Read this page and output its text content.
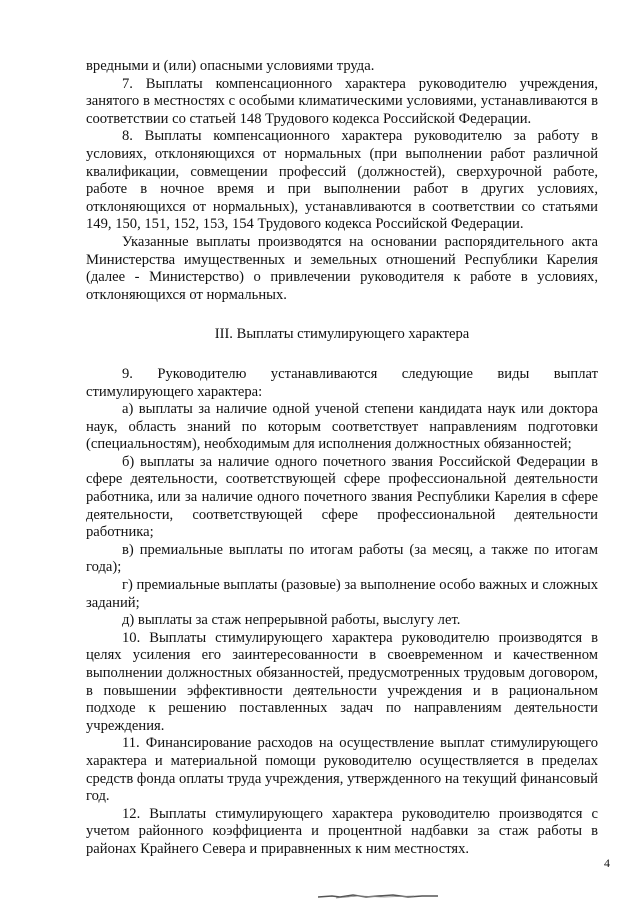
вредными и (или) опасными условиями труда.

7. Выплаты компенсационного характера руководителю учреждения, занятого в местностях с особыми климатическими условиями, устанавливаются в соответствии со статьей 148 Трудового кодекса Российской Федерации.

8. Выплаты компенсационного характера руководителю за работу в условиях, отклоняющихся от нормальных (при выполнении работ различной квалификации, совмещении профессий (должностей), сверхурочной работе, работе в ночное время и при выполнении работ в других условиях, отклоняющихся от нормальных), устанавливаются в соответствии со статьями 149, 150, 151, 152, 153, 154 Трудового кодекса Российской Федерации.

Указанные выплаты производятся на основании распорядительного акта Министерства имущественных и земельных отношений Республики Карелия (далее - Министерство) о привлечении руководителя к работе в условиях, отклоняющихся от нормальных.

III. Выплаты стимулирующего характера

9. Руководителю устанавливаются следующие виды выплат стимулирующего характера:

а) выплаты за наличие одной ученой степени кандидата наук или доктора наук, область знаний по которым соответствует направлениям подготовки (специальностям), необходимым для исполнения должностных обязанностей;

б) выплаты за наличие одного почетного звания Российской Федерации в сфере деятельности, соответствующей сфере профессиональной деятельности работника, или за наличие одного почетного звания Республики Карелия в сфере деятельности, соответствующей сфере профессиональной деятельности работника;

в) премиальные выплаты по итогам работы (за месяц, а также по итогам года);

г) премиальные выплаты (разовые) за выполнение особо важных и сложных заданий;

д) выплаты за стаж непрерывной работы, выслугу лет.

10. Выплаты стимулирующего характера руководителю производятся в целях усиления его заинтересованности в своевременном и качественном выполнении должностных обязанностей, предусмотренных трудовым договором, в повышении эффективности деятельности учреждения и в рациональном подходе к решению поставленных задач по направлениям деятельности учреждения.

11. Финансирование расходов на осуществление выплат стимулирующего характера и материальной помощи руководителю осуществляется в пределах средств фонда оплаты труда учреждения, утвержденного на текущий финансовый год.

12. Выплаты стимулирующего характера руководителю производятся с учетом районного коэффициента и процентной надбавки за стаж работы в районах Крайнего Севера и приравненных к ним местностях.

4
